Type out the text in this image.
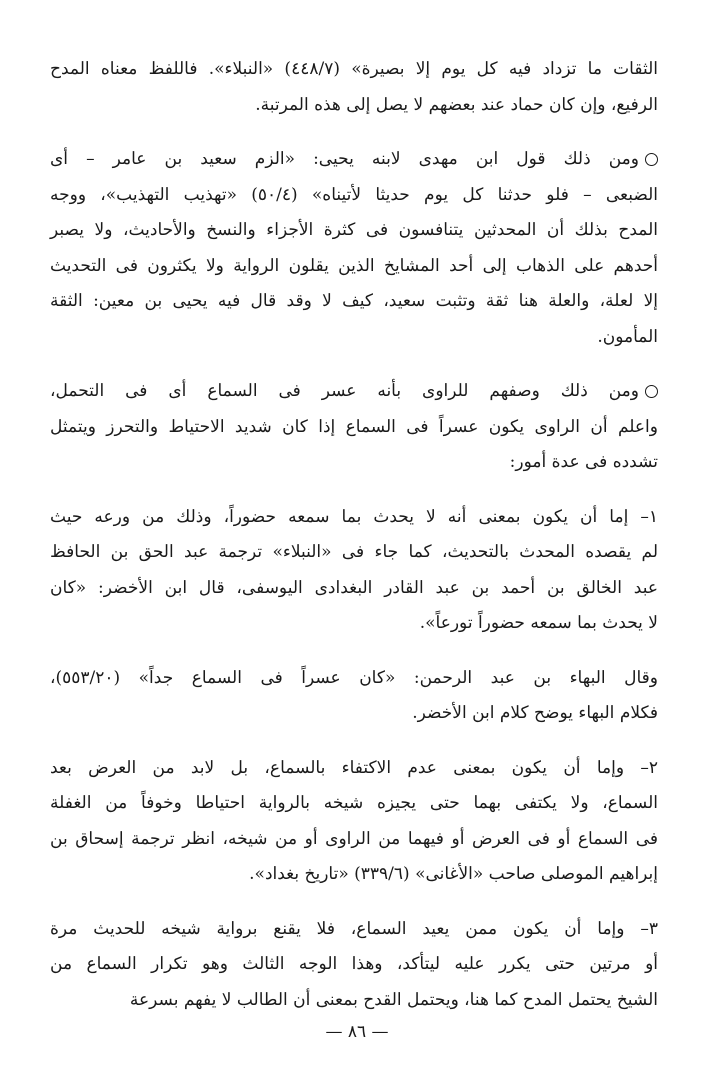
الثقات ما تزداد فيه كل يوم إلا بصيرة» (٤٤٨/٧) «النبلاء». فاللفظ معناه المدح
الرفيع، وإن كان حماد عند بعضهم لا يصل إلى هذه المرتبة.
ومن ذلك قول ابن مهدى لابنه يحيى: «الزم سعيد بن عامر – أى
الضبعى – فلو حدثنا كل يوم حديثا لأتيناه» (٥٠/٤) «تهذيب التهذيب»، ووجه
المدح بذلك أن المحدثين يتنافسون فى كثرة الأجزاء والنسخ والأحاديث، ولا يصبر
أحدهم على الذهاب إلى أحد المشايخ الذين يقلون الرواية ولا يكثرون فى التحديث
إلا لعلة، والعلة هنا ثقة وتثبت سعيد، كيف لا وقد قال فيه يحيى بن معين: الثقة
المأمون.
ومن ذلك وصفهم للراوى بأنه عسر فى السماع أى فى التحمل،
واعلم أن الراوى يكون عسراً فى السماع إذا كان شديد الاحتياط والتحرز ويتمثل
تشدده فى عدة أمور:
١– إما أن يكون بمعنى أنه لا يحدث بما سمعه حضوراً، وذلك من ورعه حيث
لم يقصده المحدث بالتحديث، كما جاء فى «النبلاء» ترجمة عبد الحق بن الحافظ
عبد الخالق بن أحمد بن عبد القادر البغدادى اليوسفى، قال ابن الأخضر: «كان
لا يحدث بما سمعه حضوراً تورعاً».
وقال البهاء بن عبد الرحمن: «كان عسراً فى السماع جداً» (٥٥٣/٢٠)،
فكلام البهاء يوضح كلام ابن الأخضر.
٢– وإما أن يكون بمعنى عدم الاكتفاء بالسماع، بل لابد من العرض بعد
السماع، ولا يكتفى بهما حتى يجيزه شيخه بالرواية احتياطا وخوفاً من الغفلة
فى السماع أو فى العرض أو فيهما من الراوى أو من شيخه، انظر ترجمة إسحاق بن
إبراهيم الموصلى صاحب «الأغانى» (٣٣٩/٦) «تاريخ بغداد».
٣– وإما أن يكون ممن يعيد السماع، فلا يقنع برواية شيخه للحديث مرة
أو مرتين حتى يكرر عليه ليتأكد، وهذا الوجه الثالث وهو تكرار السماع من
الشيخ يحتمل المدح كما هنا، ويحتمل القدح بمعنى أن الطالب لا يفهم بسرعة
— ٨٦ —
